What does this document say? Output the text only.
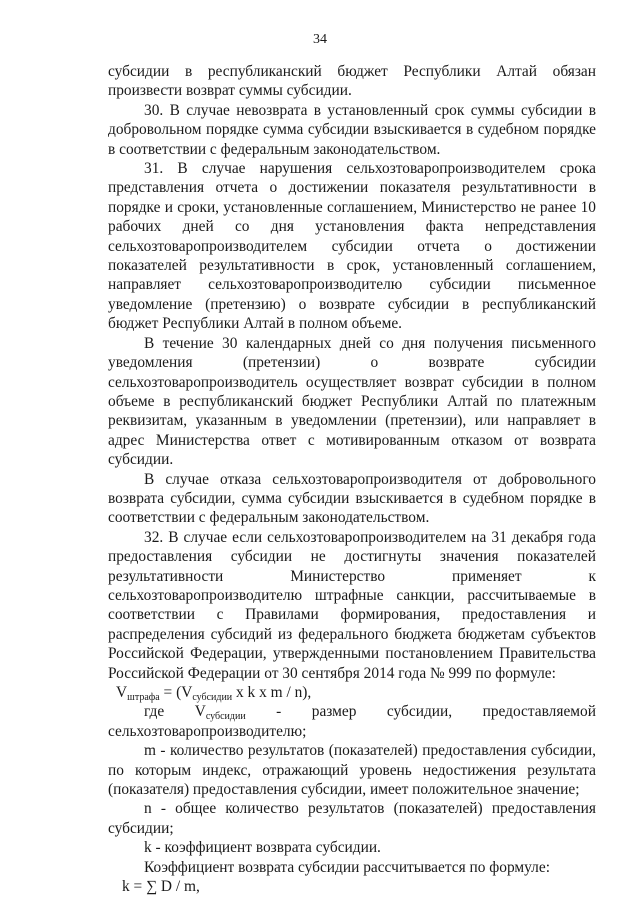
34

субсидии в республиканский бюджет Республики Алтай обязан произвести возврат суммы субсидии.

30. В случае невозврата в установленный срок суммы субсидии в добровольном порядке сумма субсидии взыскивается в судебном порядке в соответствии с федеральным законодательством.

31. В случае нарушения сельхозтоваропроизводителем срока представления отчета о достижении показателя результативности в порядке и сроки, установленные соглашением, Министерство не ранее 10 рабочих дней со дня установления факта непредставления сельхозтоваропроизводителем субсидии отчета о достижении показателей результативности в срок, установленный соглашением, направляет сельхозтоваропроизводителю субсидии письменное уведомление (претензию) о возврате субсидии в республиканский бюджет Республики Алтай в полном объеме.

В течение 30 календарных дней со дня получения письменного уведомления (претензии) о возврате субсидии сельхозтоваропроизводитель осуществляет возврат субсидии в полном объеме в республиканский бюджет Республики Алтай по платежным реквизитам, указанным в уведомлении (претензии), или направляет в адрес Министерства ответ с мотивированным отказом от возврата субсидии.

В случае отказа сельхозтоваропроизводителя от добровольного возврата субсидии, сумма субсидии взыскивается в судебном порядке в соответствии с федеральным законодательством.

32. В случае если сельхозтоваропроизводителем на 31 декабря года предоставления субсидии не достигнуты значения показателей результативности Министерство применяет к сельхозтоваропроизводителю штрафные санкции, рассчитываемые в соответствии с Правилами формирования, предоставления и распределения субсидий из федерального бюджета бюджетам субъектов Российской Федерации, утвержденными постановлением Правительства Российской Федерации от 30 сентября 2014 года № 999 по формуле:

$V_{штрафа} = (V_{субсидии}$ x k x m / n),

где $V_{субсидии}$ - размер субсидии, предоставляемой

сельхозтоваропроизводителю;

m - количество результатов (показателей) предоставления субсидии, по которым индекс, отражающий уровень недостижения результата (показателя) предоставления субсидии, имеет положительное значение;

n - общее количество результатов (показателей) предоставления субсидии;

k - коэффициент возврата субсидии.

Коэффициент возврата субсидии рассчитывается по формуле:

k = ∑ D / m,
